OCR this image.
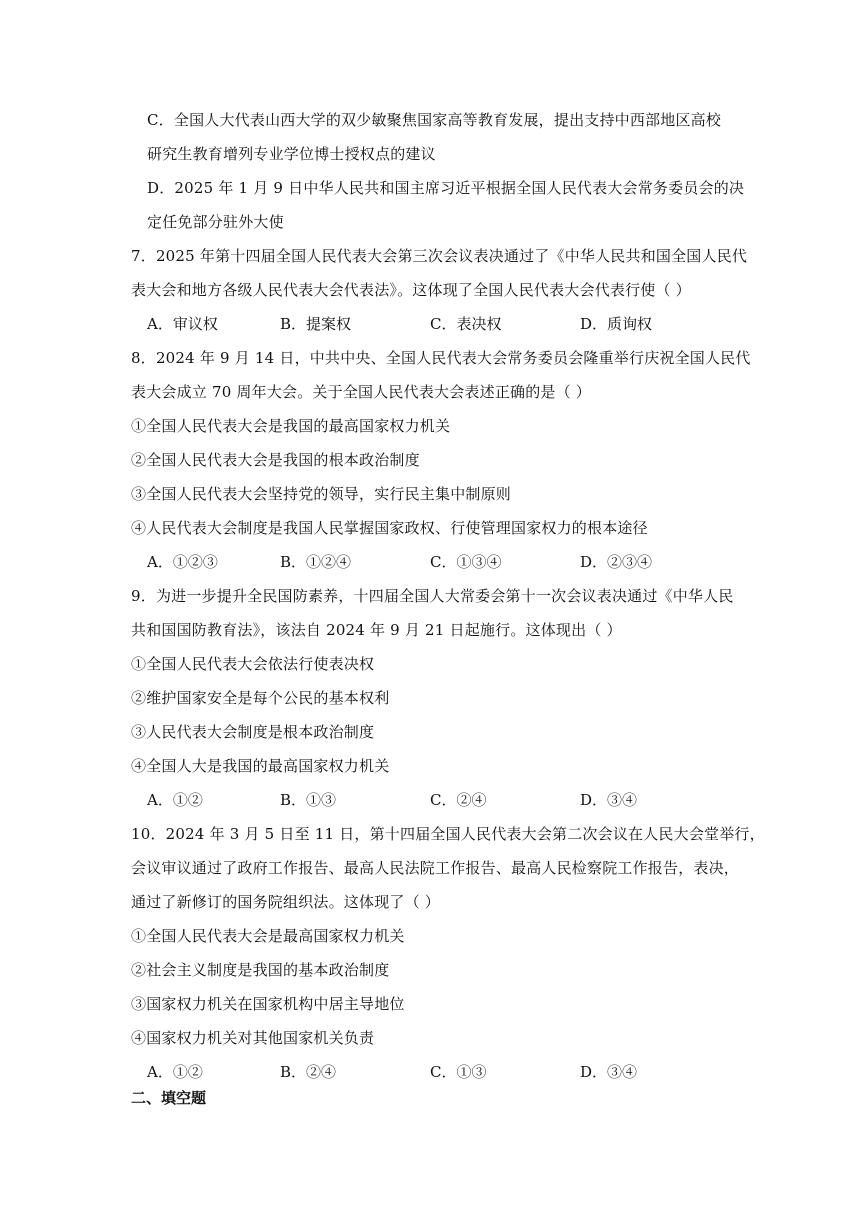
C．全国人大代表山西大学的双少敏聚焦国家高等教育发展，提出支持中西部地区高校
研究生教育增列专业学位博士授权点的建议
D．2025 年 1 月 9 日中华人民共和国主席习近平根据全国人民代表大会常务委员会的决
定任免部分驻外大使
7．2025 年第十四届全国人民代表大会第三次会议表决通过了《中华人民共和国全国人民代
表大会和地方各级人民代表大会代表法》。这体现了全国人民代表大会代表行使（ ）
A．审议权	B．提案权	C．表决权	D．质询权
8．2024 年 9 月 14 日，中共中央、全国人民代表大会常务委员会隆重举行庆祝全国人民代
表大会成立 70 周年大会。关于全国人民代表大会表述正确的是（ ）
①全国人民代表大会是我国的最高国家权力机关
②全国人民代表大会是我国的根本政治制度
③全国人民代表大会坚持党的领导，实行民主集中制原则
④人民代表大会制度是我国人民掌握国家政权、行使管理国家权力的根本途径
A．①②③	B．①②④	C．①③④	D．②③④
9．为进一步提升全民国防素养，十四届全国人大常委会第十一次会议表决通过《中华人民
共和国国防教育法》，该法自 2024 年 9 月 21 日起施行。这体现出（ ）
①全国人民代表大会依法行使表决权
②维护国家安全是每个公民的基本权利
③人民代表大会制度是根本政治制度
④全国人大是我国的最高国家权力机关
A．①②	B．①③	C．②④	D．③④
10．2024 年 3 月 5 日至 11 日，第十四届全国人民代表大会第二次会议在人民大会堂举行，
会议审议通过了政府工作报告、最高人民法院工作报告、最高人民检察院工作报告，表决，
通过了新修订的国务院组织法。这体现了（ ）
①全国人民代表大会是最高国家权力机关
②社会主义制度是我国的基本政治制度
③国家权力机关在国家机构中居主导地位
④国家权力机关对其他国家机关负责
A．①②	B．②④	C．①③	D．③④
二、填空题
